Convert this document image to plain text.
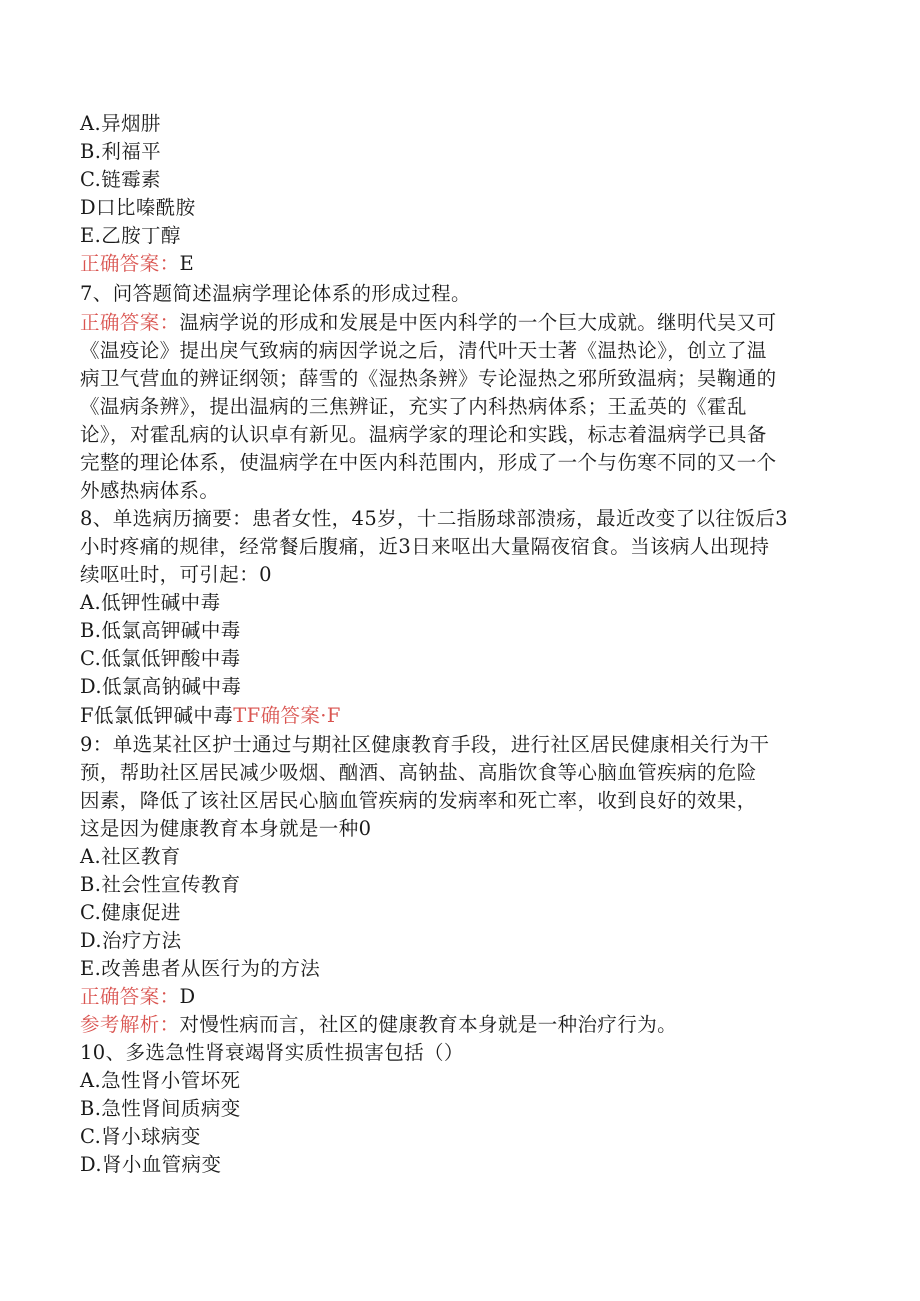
A.异烟肼
B.利福平
C.链霉素
D口比嗪酰胺
E.乙胺丁醇
正确答案：E
7、问答题简述温病学理论体系的形成过程。
正确答案：温病学说的形成和发展是中医内科学的一个巨大成就。继明代吴又可
《温疫论》提出戾气致病的病因学说之后，清代叶天士著《温热论》，创立了温
病卫气营血的辨证纲领；薛雪的《湿热条辨》专论湿热之邪所致温病；吴鞠通的
《温病条辨》，提出温病的三焦辨证，充实了内科热病体系；王孟英的《霍乱
论》，对霍乱病的认识卓有新见。温病学家的理论和实践，标志着温病学已具备
完整的理论体系，使温病学在中医内科范围内，形成了一个与伤寒不同的又一个
外感热病体系。
8、单选病历摘要：患者女性，45岁，十二指肠球部溃疡，最近改变了以往饭后3
小时疼痛的规律，经常餐后腹痛，近3日来呕出大量隔夜宿食。当该病人出现持
续呕吐时，可引起：0
A.低钾性碱中毒
B.低氯高钾碱中毒
C.低氯低钾酸中毒
D.低氯高钠碱中毒
F低氯低钾碱中毒TF确答案·F
9：单选某社区护士通过与期社区健康教育手段，进行社区居民健康相关行为干
预，帮助社区居民减少吸烟、酗酒、高钠盐、高脂饮食等心脑血管疾病的危险
因素，降低了该社区居民心脑血管疾病的发病率和死亡率，收到良好的效果，
这是因为健康教育本身就是一种0
A.社区教育
B.社会性宣传教育
C.健康促进
D.治疗方法
E.改善患者从医行为的方法
正确答案：D
参考解析：对慢性病而言，社区的健康教育本身就是一种治疗行为。
10、多选急性肾衰竭肾实质性损害包括（）
A.急性肾小管坏死
B.急性肾间质病变
C.肾小球病变
D.肾小血管病变
